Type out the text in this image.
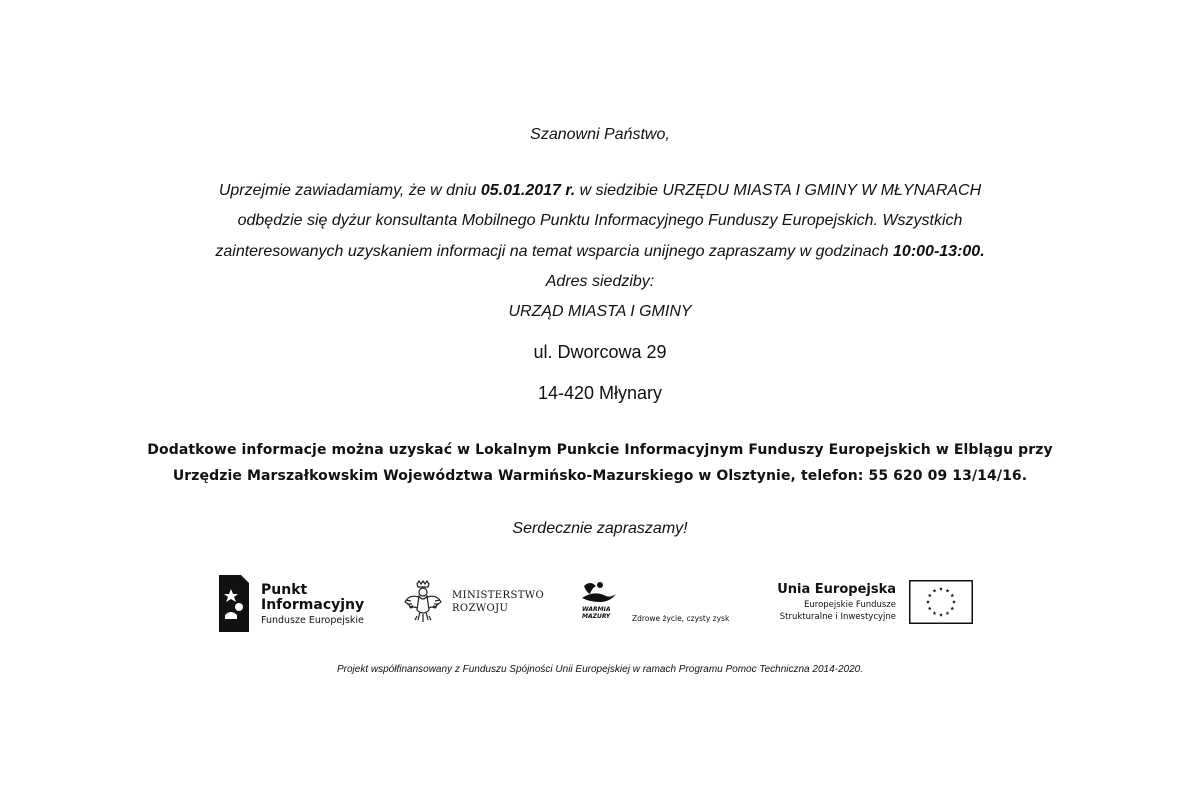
Szanowni Państwo,
Uprzejmie zawiadamiamy, że w dniu 05.01.2017 r. w siedzibie URZĘDU MIASTA I GMINY W MŁYNARACH
odbędzie się dyżur konsultanta Mobilnego Punktu Informacyjnego Funduszy Europejskich. Wszystkich
zainteresowanych uzyskaniem informacji na temat wsparcia unijnego zapraszamy w godzinach 10:00-13:00.
Adres siedziby:
URZĄD MIASTA I GMINY
ul. Dworcowa 29
14-420 Młynary
Dodatkowe informacje można uzyskać w Lokalnym Punkcie Informacyjnym Funduszy Europejskich w Elblągu przy
Urzędzie Marszałkowskim Województwa Warmińsko-Mazurskiego w Olsztynie, telefon: 55 620 09 13/14/16.
Serdecznie zapraszamy!
Punkt
Informacyjny
Fundusze Europejskie
MINISTERSTWO
ROZWOJU	WARMIA
MAZURY	Zdrowe życie, czysty zysk
Unia Europejska
Europejskie Fundusze
Strukturalne i Inwestycyjne
Projekt współfinansowany z Funduszu Spójności Unii Europejskiej w ramach Programu Pomoc Techniczna 2014-2020.
